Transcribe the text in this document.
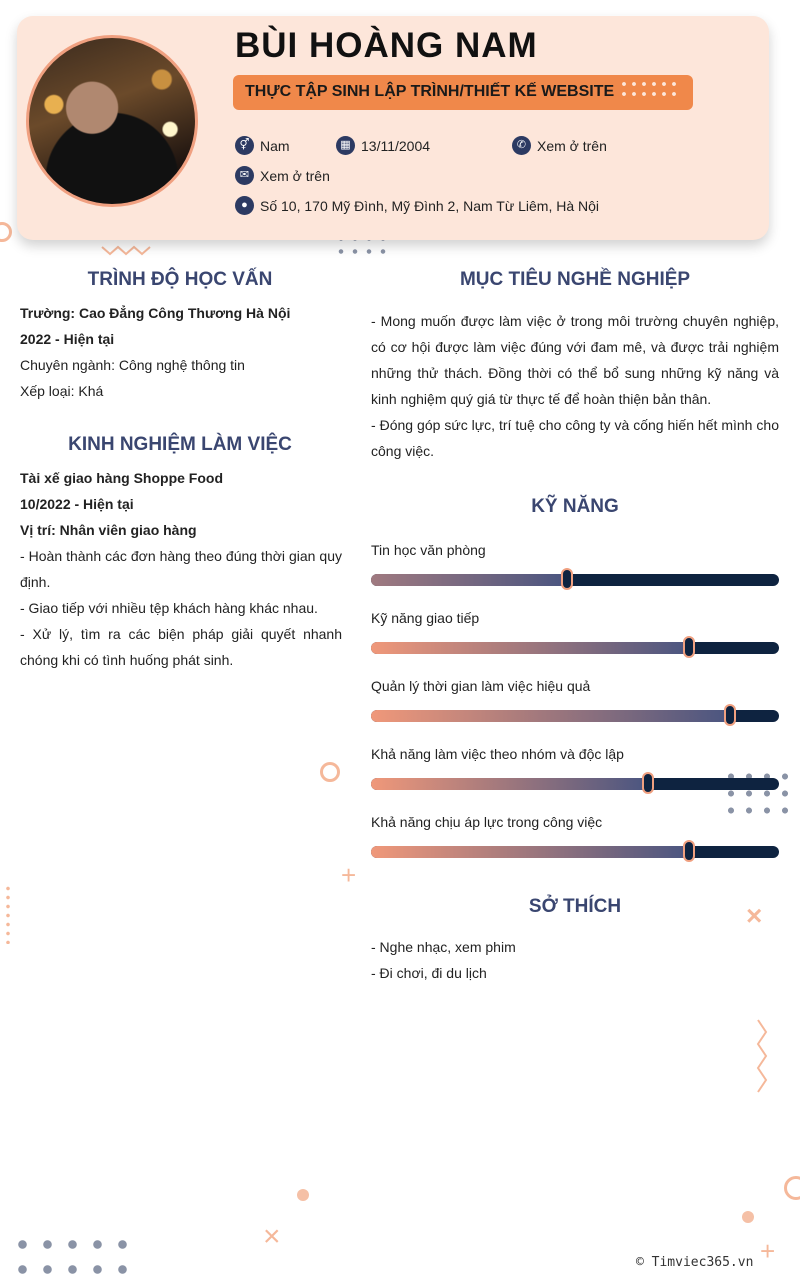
+
×
×	+
BÙI HOÀNG NAM
THỰC TẬP SINH LẬP TRÌNH/THIẾT KẾ WEBSITE
⚥ Nam	▦ 13/11/2004	✆ Xem ở trên
✉ Xem ở trên
● Số 10, 170 Mỹ Đình, Mỹ Đình 2, Nam Từ Liêm, Hà Nội
TRÌNH ĐỘ HỌC VẤN
Trường: Cao Đẳng Công Thương Hà Nội
2022 - Hiện tại
Chuyên ngành: Công nghệ thông tin
Xếp loại: Khá
KINH NGHIỆM LÀM VIỆC
Tài xế giao hàng Shoppe Food
10/2022 - Hiện tại
Vị trí: Nhân viên giao hàng
- Hoàn thành các đơn hàng theo đúng thời gian quy định.
- Giao tiếp với nhiều tệp khách hàng khác nhau.
- Xử lý, tìm ra các biện pháp giải quyết nhanh chóng khi có tình huống phát sinh.
MỤC TIÊU NGHỀ NGHIỆP
- Mong muốn được làm việc ở trong môi trường chuyên nghiệp, có cơ hội được làm việc đúng với đam mê, và được trải nghiệm những thử thách. Đồng thời có thể bổ sung những kỹ năng và kinh nghiệm quý giá từ thực tế để hoàn thiện bản thân.
- Đóng góp sức lực, trí tuệ cho công ty và cống hiến hết mình cho công việc.
KỸ NĂNG
Tin học văn phòng
Kỹ năng giao tiếp
Quản lý thời gian làm việc hiệu quả
Khả năng làm việc theo nhóm và độc lập
Khả năng chịu áp lực trong công việc
SỞ THÍCH
- Nghe nhạc, xem phim
- Đi chơi, đi du lịch
© Timviec365.vn
